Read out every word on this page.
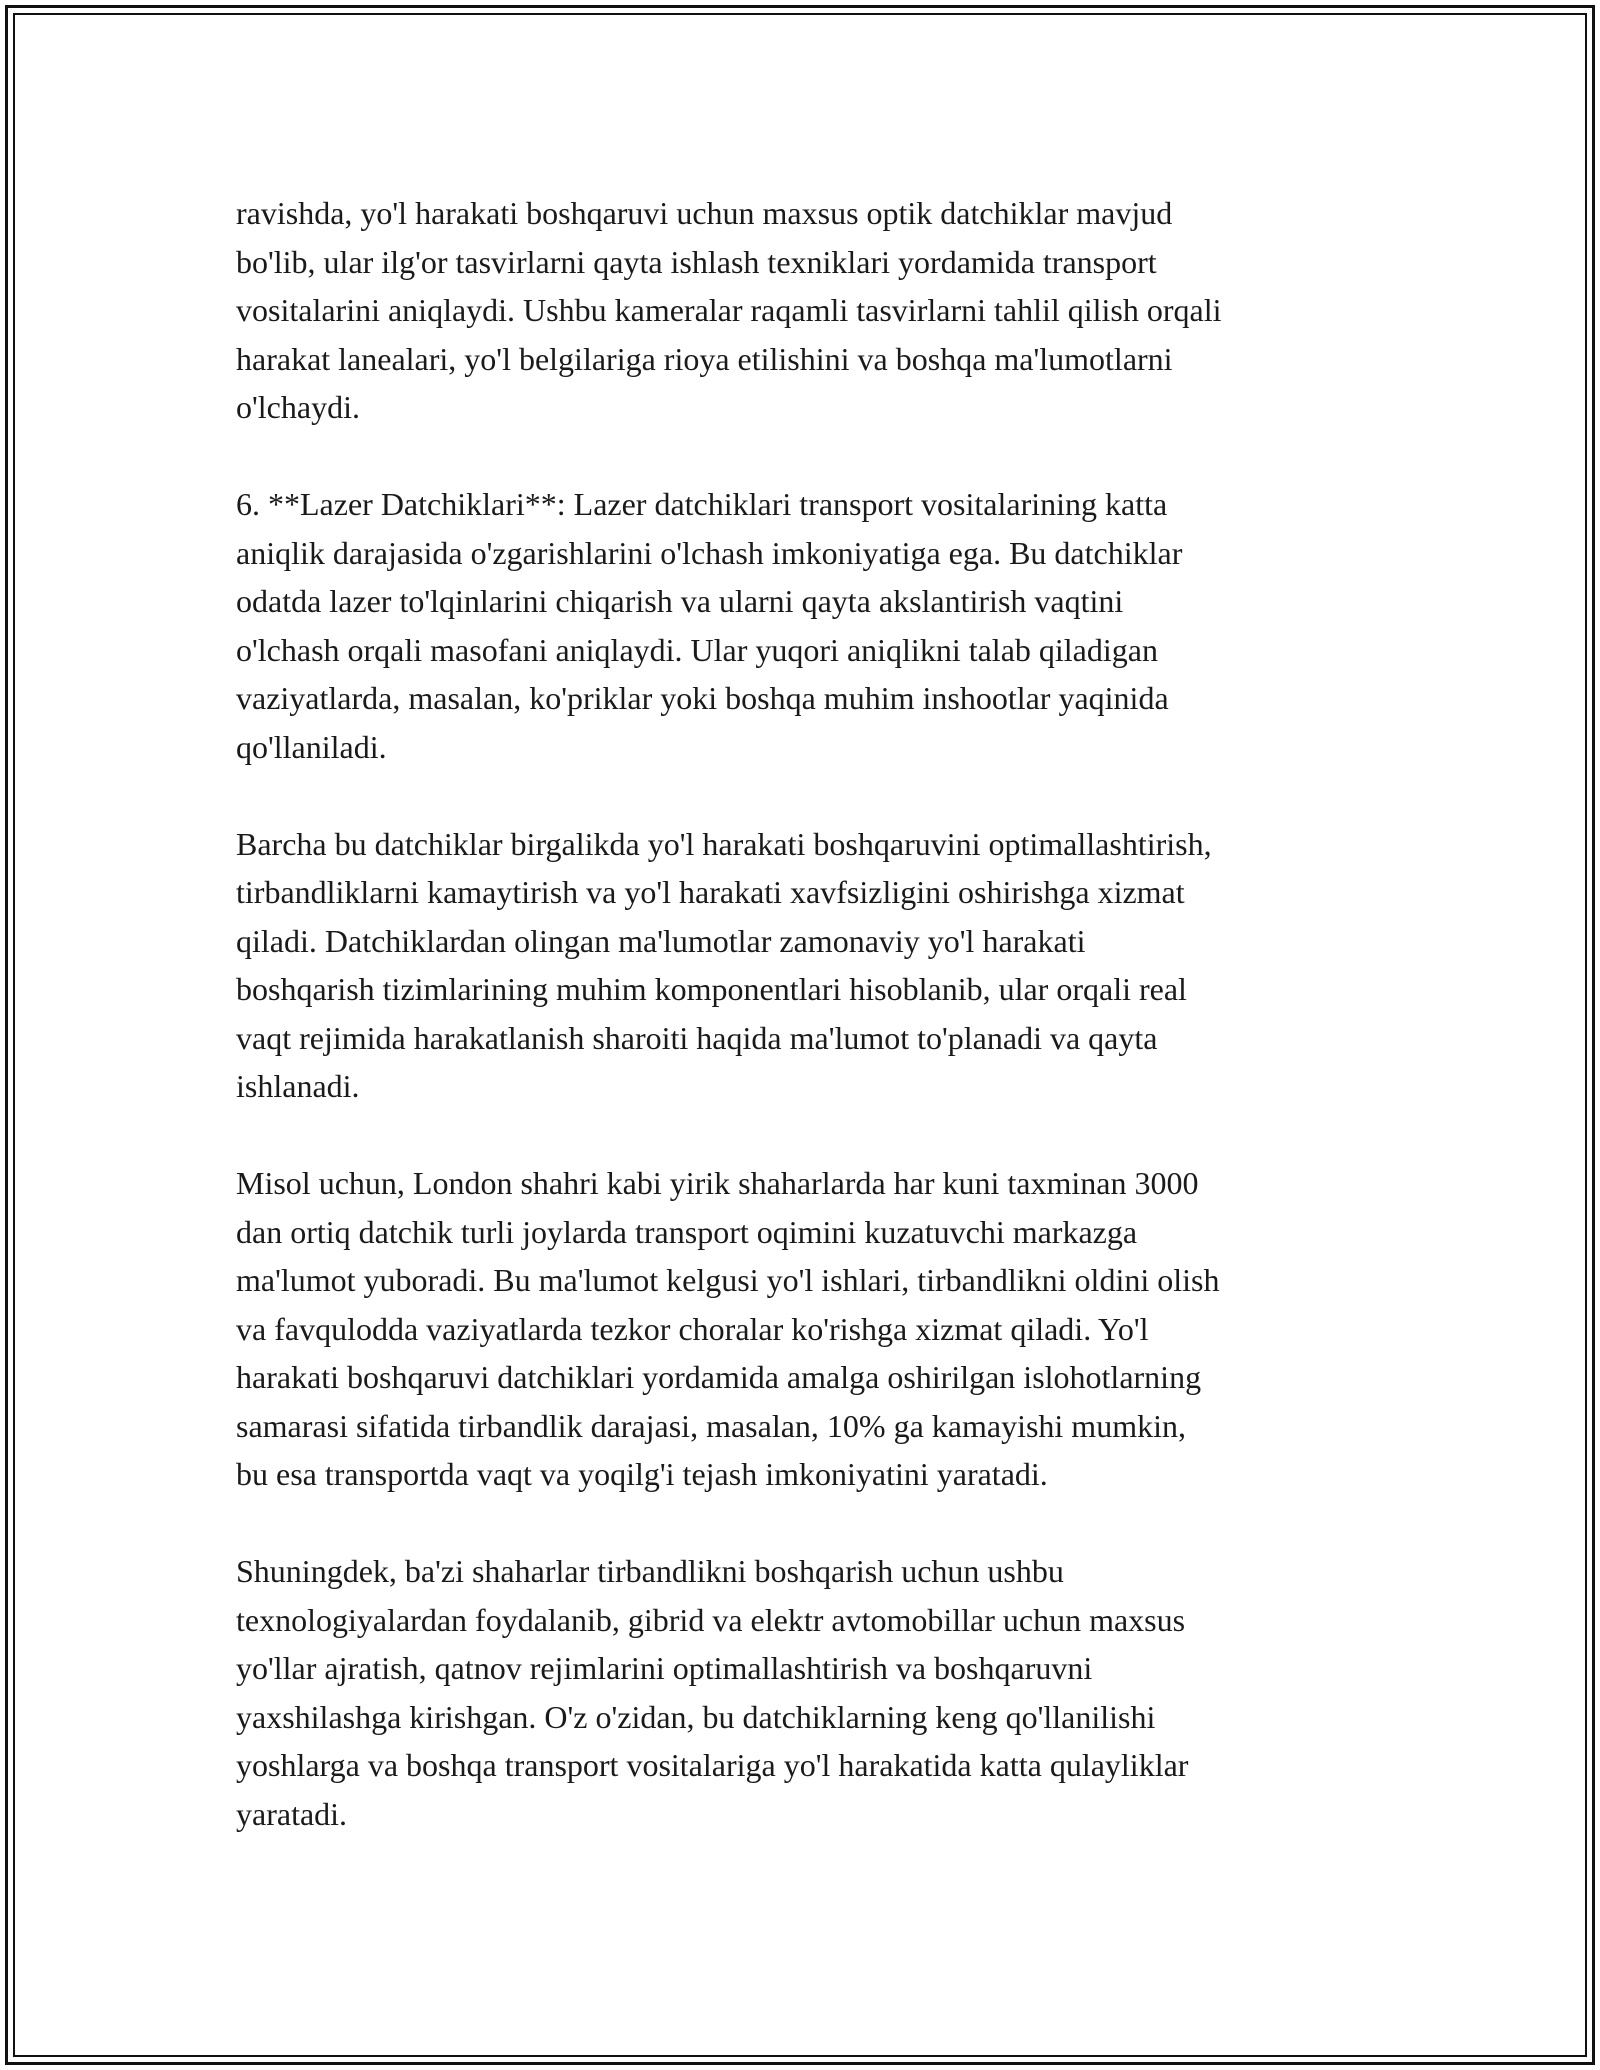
ravishda, yo'l harakati boshqaruvi uchun maxsus optik datchiklar mavjud
bo'lib, ular ilg'or tasvirlarni qayta ishlash texniklari yordamida transport
vositalarini aniqlaydi. Ushbu kameralar raqamli tasvirlarni tahlil qilish orqali
harakat lanealari, yo'l belgilariga rioya etilishini va boshqa ma'lumotlarni
o'lchaydi.

6. **Lazer Datchiklari**: Lazer datchiklari transport vositalarining katta
aniqlik darajasida o'zgarishlarini o'lchash imkoniyatiga ega. Bu datchiklar
odatda lazer to'lqinlarini chiqarish va ularni qayta akslantirish vaqtini
o'lchash orqali masofani aniqlaydi. Ular yuqori aniqlikni talab qiladigan
vaziyatlarda, masalan, ko'priklar yoki boshqa muhim inshootlar yaqinida
qo'llaniladi.

Barcha bu datchiklar birgalikda yo'l harakati boshqaruvini optimallashtirish,
tirbandliklarni kamaytirish va yo'l harakati xavfsizligini oshirishga xizmat
qiladi. Datchiklardan olingan ma'lumotlar zamonaviy yo'l harakati
boshqarish tizimlarining muhim komponentlari hisoblanib, ular orqali real
vaqt rejimida harakatlanish sharoiti haqida ma'lumot to'planadi va qayta
ishlanadi.

Misol uchun, London shahri kabi yirik shaharlarda har kuni taxminan 3000
dan ortiq datchik turli joylarda transport oqimini kuzatuvchi markazga
ma'lumot yuboradi. Bu ma'lumot kelgusi yo'l ishlari, tirbandlikni oldini olish
va favqulodda vaziyatlarda tezkor choralar ko'rishga xizmat qiladi. Yo'l
harakati boshqaruvi datchiklari yordamida amalga oshirilgan islohotlarning
samarasi sifatida tirbandlik darajasi, masalan, 10% ga kamayishi mumkin,
bu esa transportda vaqt va yoqilg'i tejash imkoniyatini yaratadi.

Shuningdek, ba'zi shaharlar tirbandlikni boshqarish uchun ushbu
texnologiyalardan foydalanib, gibrid va elektr avtomobillar uchun maxsus
yo'llar ajratish, qatnov rejimlarini optimallashtirish va boshqaruvni
yaxshilashga kirishgan. O'z o'zidan, bu datchiklarning keng qo'llanilishi
yoshlarga va boshqa transport vositalariga yo'l harakatida katta qulayliklar
yaratadi.
